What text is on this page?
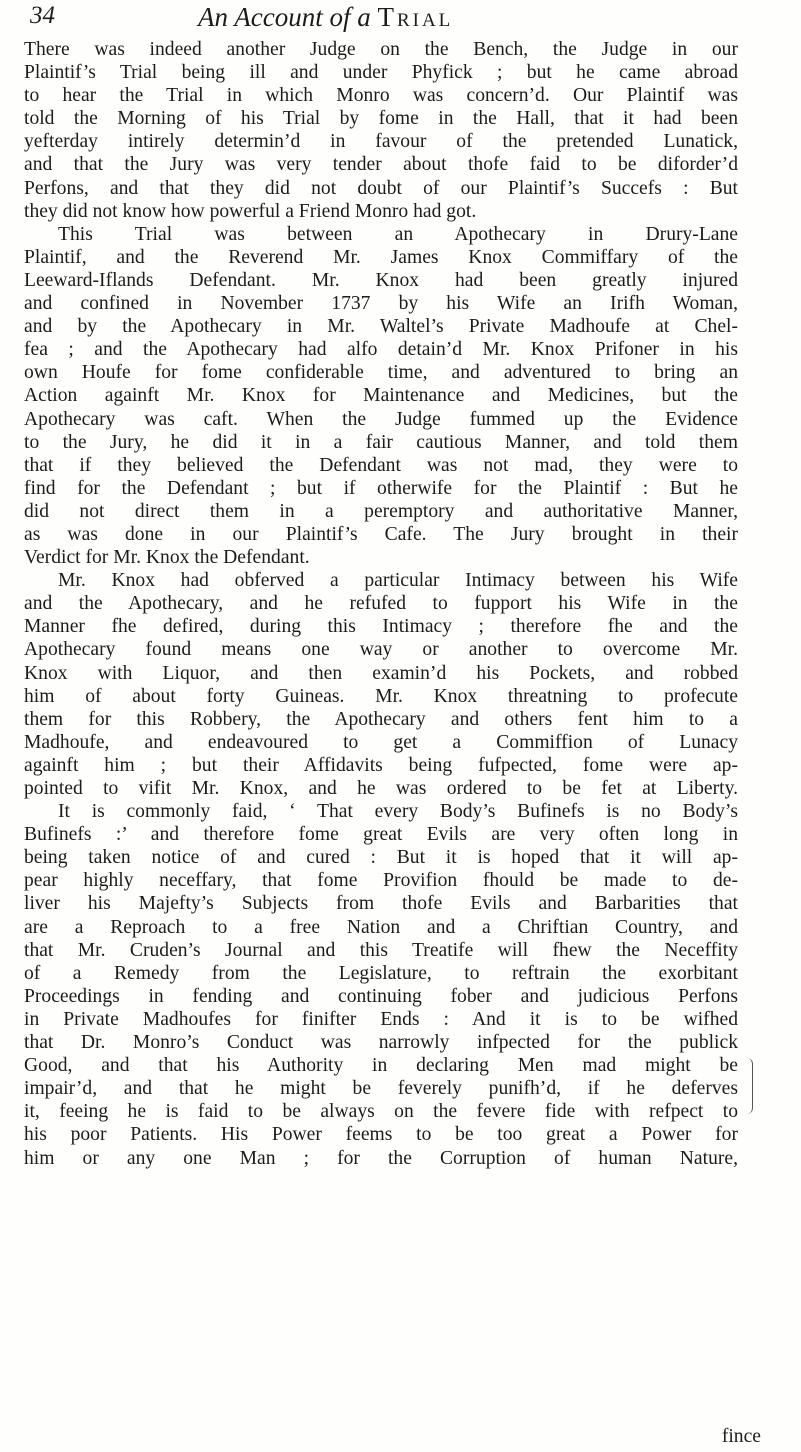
34	An Account of a Trial
There was indeed another Judge on the Bench, the Judge in our
Plaintif’s Trial being ill and under Phyfick ; but he came abroad
to hear the Trial in which Monro was concern’d. Our Plaintif was
told the Morning of his Trial by fome in the Hall, that it had been
yefterday intirely determin’d in favour of the pretended Lunatick,
and that the Jury was very tender about thofe faid to be diforder’d
Perfons, and that they did not doubt of our Plaintif’s Succefs : But
they did not know how powerful a Friend Monro had got.
This Trial was between an Apothecary in Drury-Lane
Plaintif, and the Reverend Mr. James Knox Commiffary of the
Leeward-Iflands Defendant. Mr. Knox had been greatly injured
and confined in November 1737 by his Wife an Irifh Woman,
and by the Apothecary in Mr. Waltel’s Private Madhoufe at Chel-
fea ; and the Apothecary had alfo detain’d Mr. Knox Prifoner in his
own Houfe for fome confiderable time, and adventured to bring an
Action againft Mr. Knox for Maintenance and Medicines, but the
Apothecary was caft. When the Judge fummed up the Evidence
to the Jury, he did it in a fair cautious Manner, and told them
that if they believed the Defendant was not mad, they were to
find for the Defendant ; but if otherwife for the Plaintif : But he
did not direct them in a peremptory and authoritative Manner,
as was done in our Plaintif’s Cafe. The Jury brought in their
Verdict for Mr. Knox the Defendant.
Mr. Knox had obferved a particular Intimacy between his Wife
and the Apothecary, and he refufed to fupport his Wife in the
Manner fhe defired, during this Intimacy ; therefore fhe and the
Apothecary found means one way or another to overcome Mr.
Knox with Liquor, and then examin’d his Pockets, and robbed
him of about forty Guineas. Mr. Knox threatning to profecute
them for this Robbery, the Apothecary and others fent him to a
Madhoufe, and endeavoured to get a Commiffion of Lunacy
againft him ; but their Affidavits being fufpected, fome were ap-
pointed to vifit Mr. Knox, and he was ordered to be fet at Liberty.
It is commonly faid, ‘ That every Body’s Bufinefs is no Body’s
Bufinefs :’ and therefore fome great Evils are very often long in
being taken notice of and cured : But it is hoped that it will ap-
pear highly neceffary, that fome Provifion fhould be made to de-
liver his Majefty’s Subjects from thofe Evils and Barbarities that
are a Reproach to a free Nation and a Chriftian Country, and
that Mr. Cruden’s Journal and this Treatife will fhew the Neceffity
of a Remedy from the Legislature, to reftrain the exorbitant
Proceedings in fending and continuing fober and judicious Perfons
in Private Madhoufes for finifter Ends : And it is to be wifhed
that Dr. Monro’s Conduct was narrowly infpected for the publick
Good, and that his Authority in declaring Men mad might be
impair’d, and that he might be feverely punifh’d, if he deferves
it, feeing he is faid to be always on the fevere fide with refpect to
his poor Patients. His Power feems to be too great a Power for
him or any one Man ; for the Corruption of human Nature,
fince
